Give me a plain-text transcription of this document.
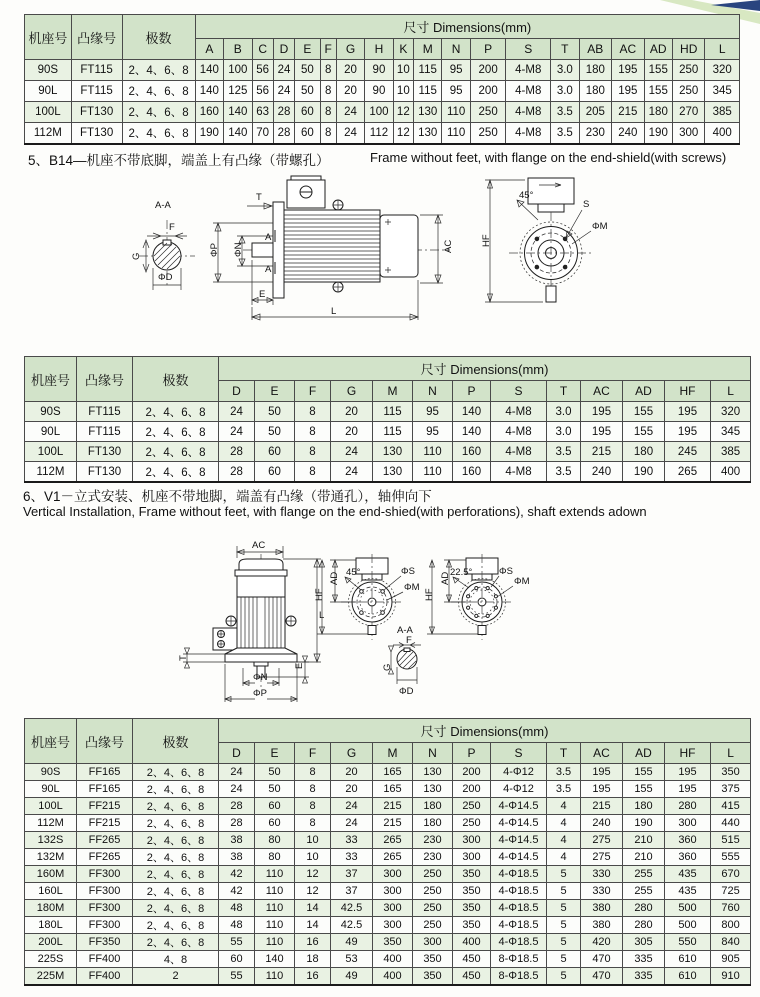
机座号	凸缘号	极数	尺寸 Dimensions(mm)																		
			A	B	C	D	E	F	G	H	K	M	N	P	S	T	AB	AC	AD	HD	L
90S	FT115	2、4、6、8	140	100	56	24	50	8	20	90	10	115	95	200	4-M8	3.0	180	195	155	250	320
90L	FT115	2、4、6、8	140	125	56	24	50	8	20	90	10	115	95	200	4-M8	3.0	180	195	155	250	345
100L	FT130	2、4、6、8	160	140	63	28	60	8	24	100	12	130	110	250	4-M8	3.5	205	215	180	270	385
112M	FT130	2、4、6、8	190	140	70	28	60	8	24	112	12	130	110	250	4-M8	3.5	230	240	190	300	400
5、B14—机座不带底脚，端盖上有凸缘（带螺孔）	Frame without feet, with flange on the end-shield(with screws)
A-A
F
G
ΦD
A
A
T
ΦP ΦN
E
L
AC	HF
45°
S
ΦM
机座号	凸缘号	极数	尺寸 Dimensions(mm)												
			D	E	F	G	M	N	P	S	T	AC	AD	HF	L
90S	FT115	2、4、6、8	24	50	8	20	115	95	140	4-M8	3.0	195	155	195	320
90L	FT115	2、4、6、8	24	50	8	20	115	95	140	4-M8	3.0	195	155	195	345
100L	FT130	2、4、6、8	28	60	8	24	130	110	160	4-M8	3.5	215	180	245	385
112M	FT130	2、4、6、8	28	60	8	24	130	110	160	4-M8	3.5	240	190	265	400
6、V1－立式安装、机座不带地脚，端盖有凸缘（带通孔），轴伸向下
Vertical Installation, Frame without feet, with flange on the end-shied(with perforations), shaft extends adown
AC
T
E
L
ΦN
ΦP
AD
HF
45°	ΦS
ΦM
AD
HF
22.5°	ΦS
ΦM
A-A
F
G
ΦD
机座号	凸缘号	极数	尺寸 Dimensions(mm)												
			D	E	F	G	M	N	P	S	T	AC	AD	HF	L
90S	FF165	2、4、6、8	24	50	8	20	165	130	200	4-Φ12	3.5	195	155	195	350
90L	FF165	2、4、6、8	24	50	8	20	165	130	200	4-Φ12	3.5	195	155	195	375
100L	FF215	2、4、6、8	28	60	8	24	215	180	250	4-Φ14.5	4	215	180	280	415
112M	FF215	2、4、6、8	28	60	8	24	215	180	250	4-Φ14.5	4	240	190	300	440
132S	FF265	2、4、6、8	38	80	10	33	265	230	300	4-Φ14.5	4	275	210	360	515
132M	FF265	2、4、6、8	38	80	10	33	265	230	300	4-Φ14.5	4	275	210	360	555
160M	FF300	2、4、6、8	42	110	12	37	300	250	350	4-Φ18.5	5	330	255	435	670
160L	FF300	2、4、6、8	42	110	12	37	300	250	350	4-Φ18.5	5	330	255	435	725
180M	FF300	2、4、6、8	48	110	14	42.5	300	250	350	4-Φ18.5	5	380	280	500	760
180L	FF300	2、4、6、8	48	110	14	42.5	300	250	350	4-Φ18.5	5	380	280	500	800
200L	FF350	2、4、6、8	55	110	16	49	350	300	400	4-Φ18.5	5	420	305	550	840
225S	FF400	4、8	60	140	18	53	400	350	450	8-Φ18.5	5	470	335	610	905
225M	FF400	2	55	110	16	49	400	350	450	8-Φ18.5	5	470	335	610	910
